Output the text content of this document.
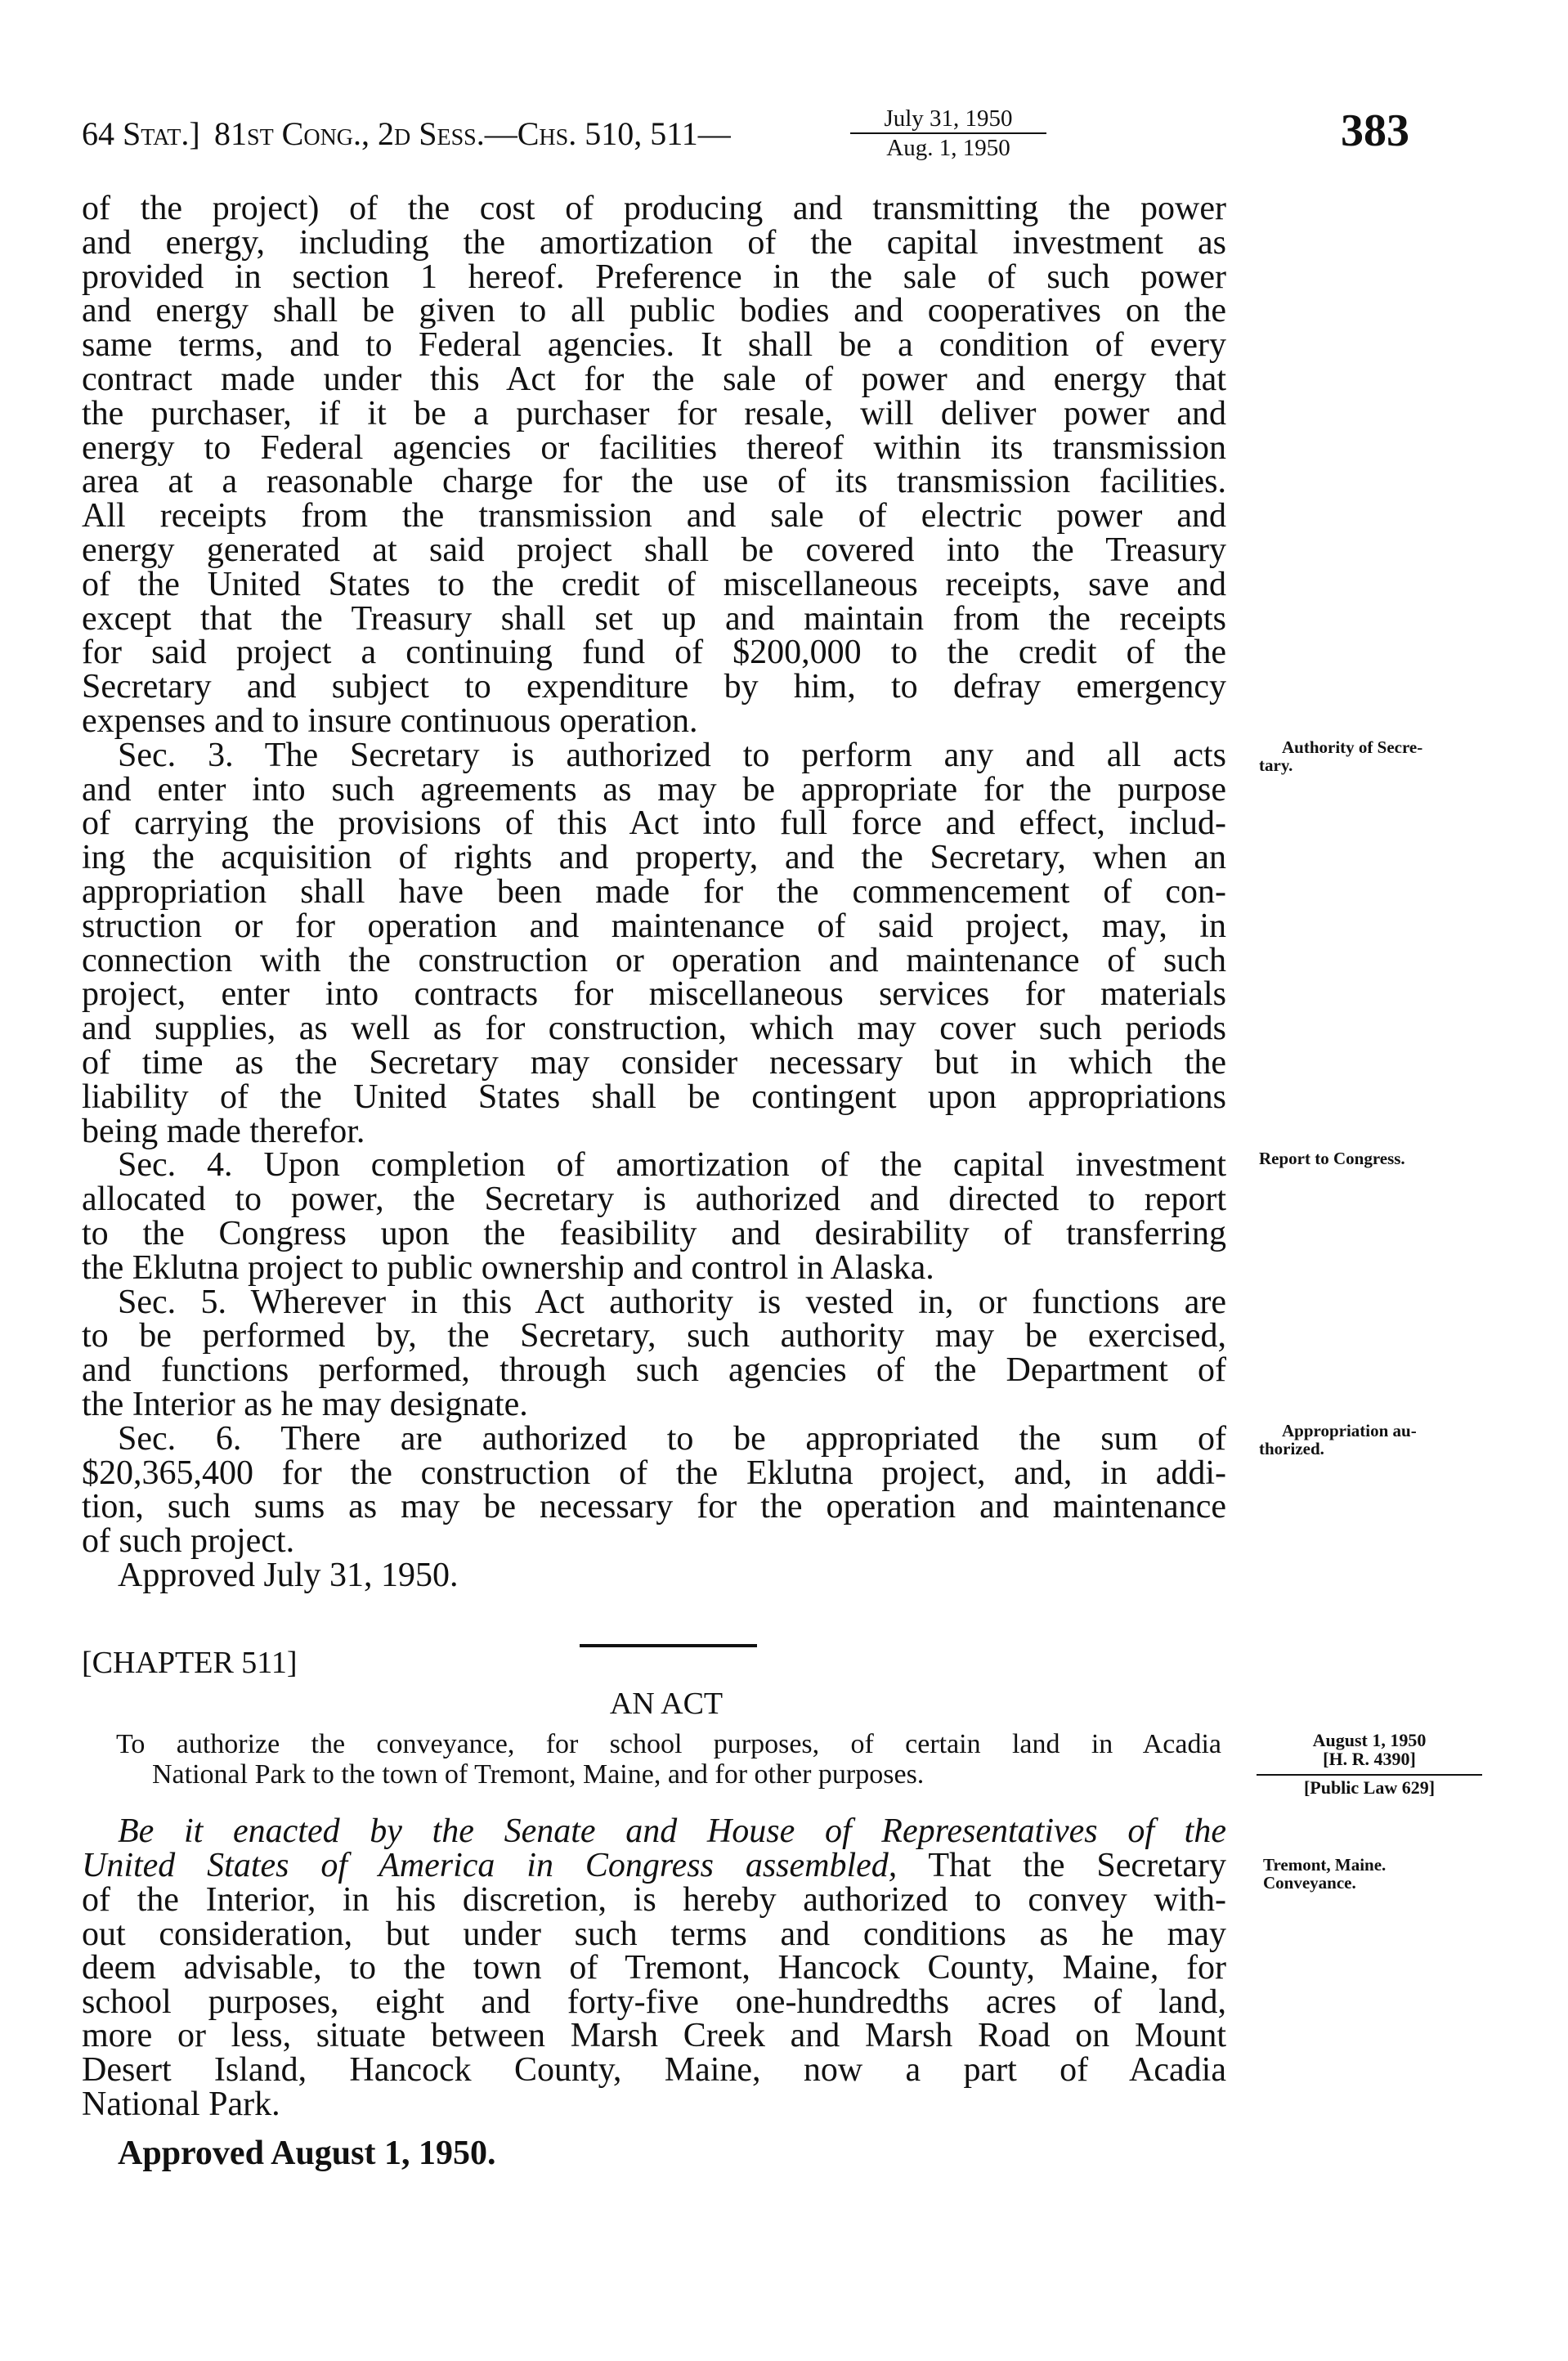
64 Stat.] 81st Cong., 2d Sess.—Chs. 510, 511—	July 31, 1950
Aug. 1, 1950	383
of the project) of the cost of producing and transmitting the power
and energy, including the amortization of the capital investment as
provided in section 1 hereof. Preference in the sale of such power
and energy shall be given to all public bodies and cooperatives on the
same terms, and to Federal agencies. It shall be a condition of every
contract made under this Act for the sale of power and energy that
the purchaser, if it be a purchaser for resale, will deliver power and
energy to Federal agencies or facilities thereof within its transmission
area at a reasonable charge for the use of its transmission facilities.
All receipts from the transmission and sale of electric power and
energy generated at said project shall be covered into the Treasury
of the United States to the credit of miscellaneous receipts, save and
except that the Treasury shall set up and maintain from the receipts
for said project a continuing fund of $200,000 to the credit of the
Secretary and subject to expenditure by him, to defray emergency
expenses and to insure continuous operation.
Sec. 3. The Secretary is authorized to perform any and all acts
and enter into such agreements as may be appropriate for the purpose
of carrying the provisions of this Act into full force and effect, includ-
ing the acquisition of rights and property, and the Secretary, when an
appropriation shall have been made for the commencement of con-
struction or for operation and maintenance of said project, may, in
connection with the construction or operation and maintenance of such
project, enter into contracts for miscellaneous services for materials
and supplies, as well as for construction, which may cover such periods
of time as the Secretary may consider necessary but in which the
liability of the United States shall be contingent upon appropriations
being made therefor.
Sec. 4. Upon completion of amortization of the capital investment
allocated to power, the Secretary is authorized and directed to report
to the Congress upon the feasibility and desirability of transferring
the Eklutna project to public ownership and control in Alaska.
Sec. 5. Wherever in this Act authority is vested in, or functions are
to be performed by, the Secretary, such authority may be exercised,
and functions performed, through such agencies of the Department of
the Interior as he may designate.
Sec. 6. There are authorized to be appropriated the sum of
$20,365,400 for the construction of the Eklutna project, and, in addi-
tion, such sums as may be necessary for the operation and maintenance
of such project.
Approved July 31, 1950.
Authority of Secre-
tary.
Report to Congress.
Appropriation au-
thorized.
[CHAPTER 511]
AN ACT
To authorize the conveyance, for school purposes, of certain land in Acadia
National Park to the town of Tremont, Maine, and for other purposes.
August 1, 1950
[H. R. 4390]
[Public Law 629]
Tremont, Maine.
Conveyance.
Be it enacted by the Senate and House of Representatives of the
United States of America in Congress assembled, That the Secretary
of the Interior, in his discretion, is hereby authorized to convey with-
out consideration, but under such terms and conditions as he may
deem advisable, to the town of Tremont, Hancock County, Maine, for
school purposes, eight and forty-five one-hundredths acres of land,
more or less, situate between Marsh Creek and Marsh Road on Mount
Desert Island, Hancock County, Maine, now a part of Acadia
National Park.
Approved August 1, 1950.
